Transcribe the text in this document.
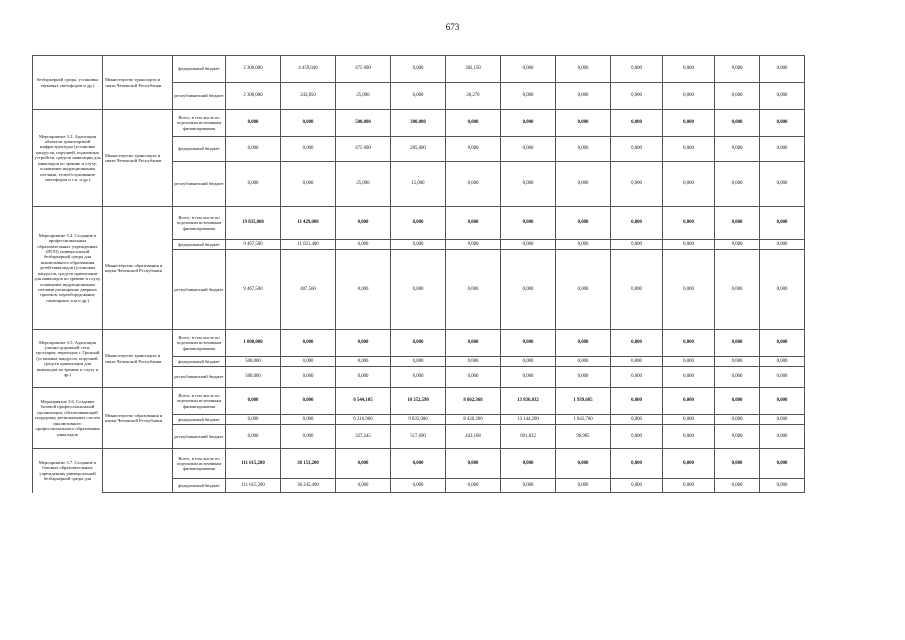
673
безбарьерной среды, установка звуковых светофоров и др.)	Министерство транспорта и связи Чеченской Республики	федеральный бюджет	2 300,000	4 459,040	475 000	0,000	382,150	0,000	0,000	0,000	0,000	0,000	0,000
		республиканский бюджет	2 300,000	243,850	25,000	0,000	20,270	0,000	0,000	0,000	0,000	0,000	0,000
Мероприятие 3.3. Адаптация объектов транспортной инфраструктуры (установка пандусов, поручней, подъемных устройств, средств навигации для инвалидов по зрению и слуху, оснащение индукционными петлями, телеобслуживание светофоров и т.п. и др.)	Министерство транспорта и связи Чеченской Республики	Всего, в том числе по отдельным источникам финансирования	0,000	0,000	500,000	300,000	0,000	0,000	0,000	0,000	0,000	0,000	0,000
		федеральный бюджет	0,000	0,000	475 000	285,000	0,000	0,000	0,000	0,000	0,000	0,000	0,000
		республиканский бюджет	0,000	0,000	25,000	15,000	0,000	0,000	0,000	0,000	0,000	0,000	0,000
Мероприятие 3.4. Создание в профессиональных образовательных учреждениях (ПОО) универсальной безбарьерной среды для инклюзивного образования детей-инвалидов (установка пандусов, средств ориентации для инвалидов по зрению и слуху, оснащение индукционными петлями расширение дверных проемов, переоборудование санитарных зон и др.)	Министерство образования и науки Чеченской Республики	Всего, в том числе по отдельным источникам финансирования	19 835,000	11 429,000	0,000	0,000	0,000	0,000	0,000	0,000	0,000	0,000	0,000
		федеральный бюджет	9 467,500	11 021,400	0,000	0,000	0,000	0,000	0,000	0,000	0,000	0,000	0,000
		республиканский бюджет	9 467,500	407,560	0,000	0,000	0,000	0,000	0,000	0,000	0,000	0,000	0,000
Мероприятие 3.5. Адаптация улично-дорожной сети, тротуаров, переходов г. Грозный (установка пандусов, поручней, средств ориентации для инвалидов по зрению и слуху и др.)	Министерство транспорта и связи Чеченской Республики	Всего, в том числе по отдельным источникам финансирования	1 000,000	0,000	0,000	0,000	0,000	0,000	0,000	0,000	0,000	0,000	0,000
		федеральный бюджет	500,000	0,000	0,000	0,000	0,000	0,000	0,000	0,000	0,000	0,000	0,000
		республиканский бюджет	500,000	0,000	0,000	0,000	0,000	0,000	0,000	0,000	0,000	0,000	0,000
Мероприятие 3.6. Создание базовой профессиональной организации, обеспечивающей поддержку региональных систем инклюзивного профессионального образования инвалидов	Министерство образования и науки Чеченской Республики	Всего, в том числе по отдельным источникам финансирования	0,000	0,000	6 544,105	10 352,590	8 862,368	13 836,032	1 939,685	0,000	0,000	0,000	0,000
		федеральный бюджет	0,000	0,000	6 216,900	9 835,900	8 420,200	13 144,200	1 842,700	0,000	0,000	0,000	0,000
		республиканский бюджет	0,000	0,000	327,245	517,690	443,168	691,832	96,985	0,000	0,000	0,000	0,000
Мероприятие 3.7. Создание в базовых образовательных учреждениях универсальной безбарьерной среды для		Всего, в том числе по отдельным источникам финансирования	111 615,200	38 153,200	0,000	0,000	0,000	0,000	0,000	0,000	0,000	0,000	0,000
		федеральный бюджет	111 615,200	36 245,490	0,000	0,000	0,000	0,000	0,000	0,000	0,000	0,000	0,000
